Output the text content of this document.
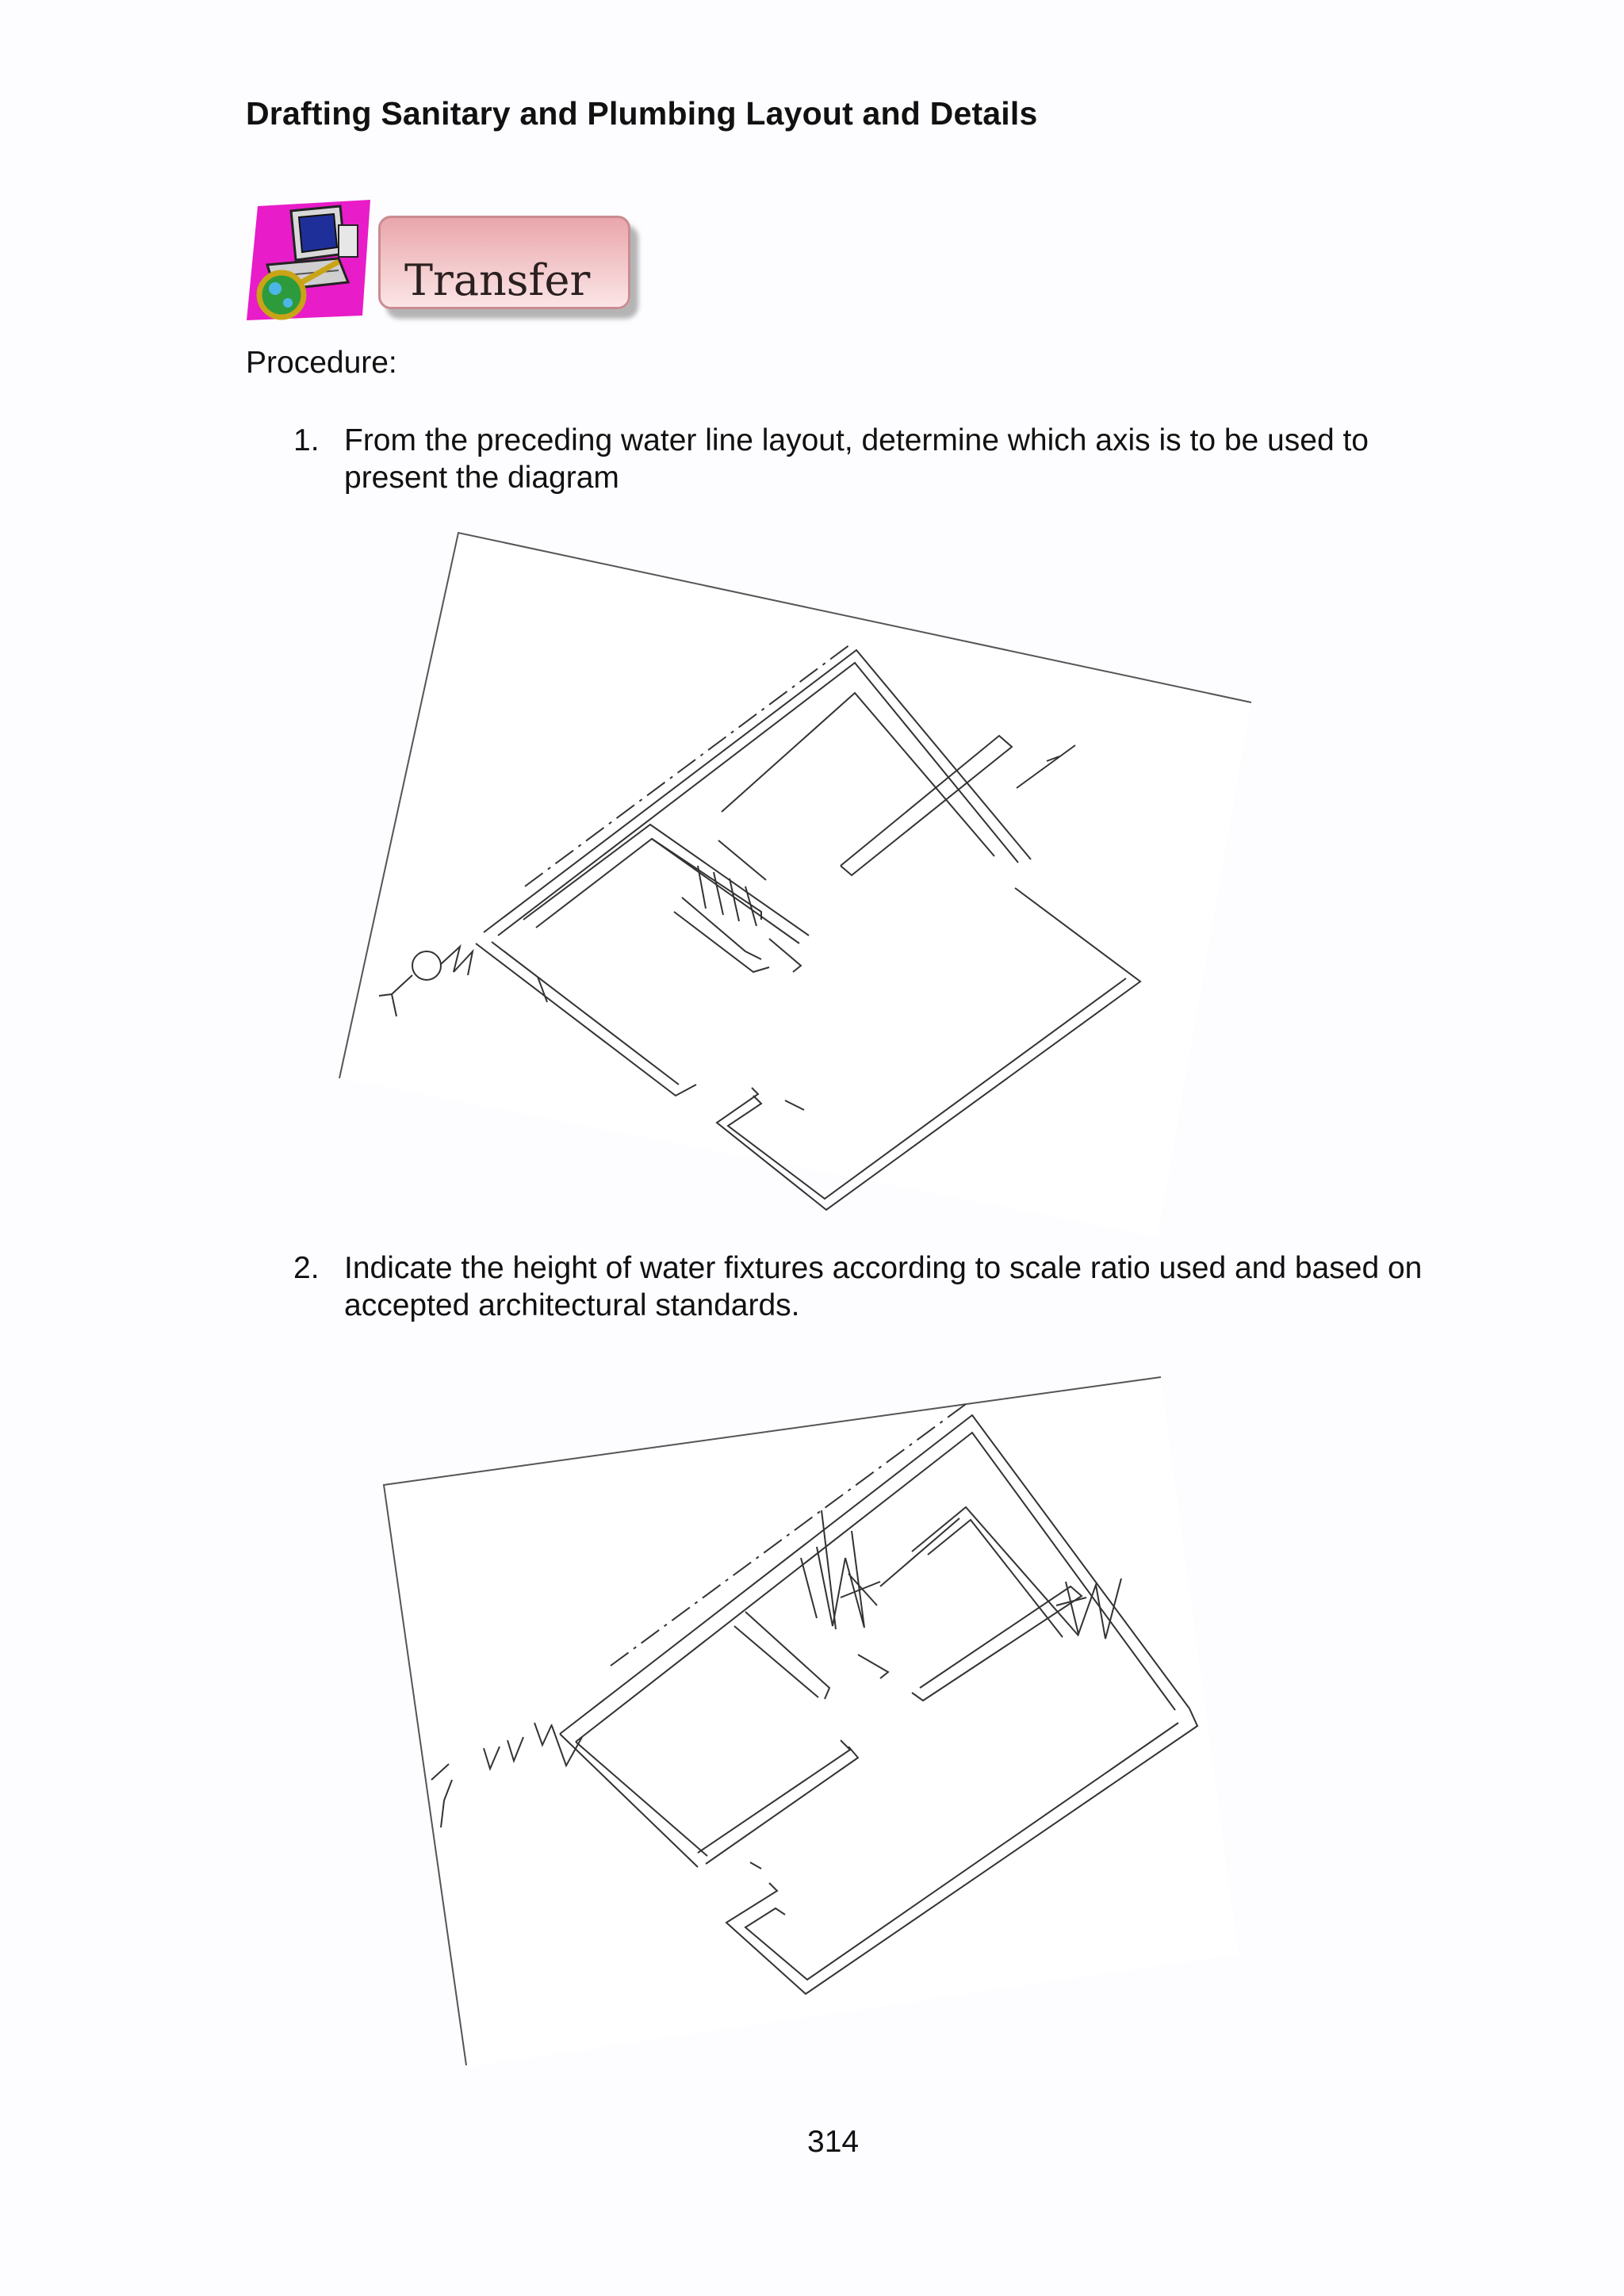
Drafting Sanitary and Plumbing Layout and Details
Transfer
Procedure:
1. From the preceding water line layout, determine which axis is to be used to present the diagram
2. Indicate the height of water fixtures according to scale ratio used and based on accepted architectural standards.
314
